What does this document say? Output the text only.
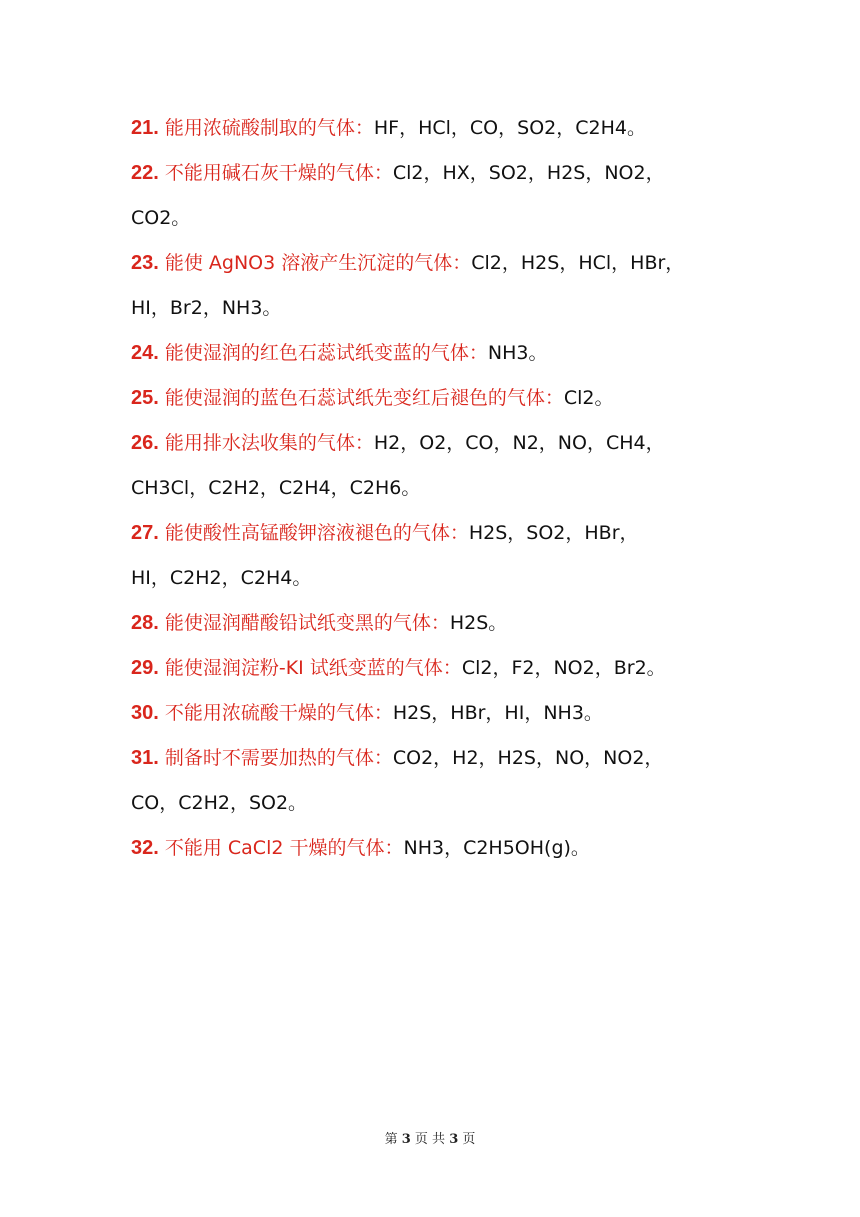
21. 能用浓硫酸制取的气体：HF，HCl，CO，SO2，C2H4。
22. 不能用碱石灰干燥的气体：Cl2，HX，SO2，H2S，NO2，
CO2。
23. 能使 AgNO3 溶液产生沉淀的气体：Cl2，H2S，HCl，HBr，
HI，Br2，NH3。
24. 能使湿润的红色石蕊试纸变蓝的气体：NH3。
25. 能使湿润的蓝色石蕊试纸先变红后褪色的气体：Cl2。
26. 能用排水法收集的气体：H2，O2，CO，N2，NO，CH4，
CH3Cl，C2H2，C2H4，C2H6。
27. 能使酸性高锰酸钾溶液褪色的气体：H2S，SO2，HBr，
HI，C2H2，C2H4。
28. 能使湿润醋酸铅试纸变黑的气体：H2S。
29. 能使湿润淀粉-KI 试纸变蓝的气体：Cl2，F2，NO2，Br2。
30. 不能用浓硫酸干燥的气体：H2S，HBr，HI，NH3。
31. 制备时不需要加热的气体：CO2，H2，H2S，NO，NO2，
CO，C2H2，SO2。
32. 不能用 CaCl2 干燥的气体：NH3，C2H5OH(g)。
第 3 页 共 3 页
